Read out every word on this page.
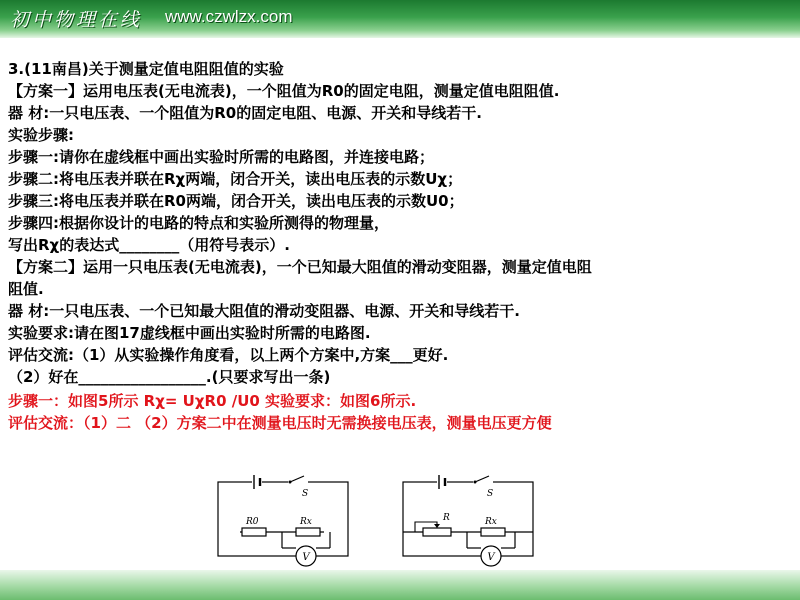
初中物理在线 www.czwlzx.com
3.(11南昌)关于测量定值电阻阻值的实验
【方案一】运用电压表(无电流表)，一个阻值为R0的固定电阻，测量定值电阻阻值.
器 材:一只电压表、一个阻值为R0的固定电阻、电源、开关和导线若干.
实验步骤:
步骤一:请你在虚线框中画出实验时所需的电路图，并连接电路；
步骤二:将电压表并联在Rχ两端，闭合开关，读出电压表的示数Uχ；
步骤三:将电压表并联在R0两端，闭合开关，读出电压表的示数U0；
步骤四:根据你设计的电路的特点和实验所测得的物理量，
写出Rχ的表达式________（用符号表示）.
【方案二】运用一只电压表(无电流表)，一个已知最大阻值的滑动变阻器，测量定值电阻
阻值.
器 材:一只电压表、一个已知最大阻值的滑动变阻器、电源、开关和导线若干.
实验要求:请在图17虚线框中画出实验时所需的电路图.
评估交流:（1）从实验操作角度看，以上两个方案中,方案___更好.
（2）好在_________________.(只要求写出一条)
步骤一：如图5所示 Rχ= UχR0 /U0 实验要求：如图6所示.
评估交流：（1）二 （2）方案二中在测量电压时无需换接电压表，测量电压更方便
S
R0	Rx
V
S
R	Rx
V
